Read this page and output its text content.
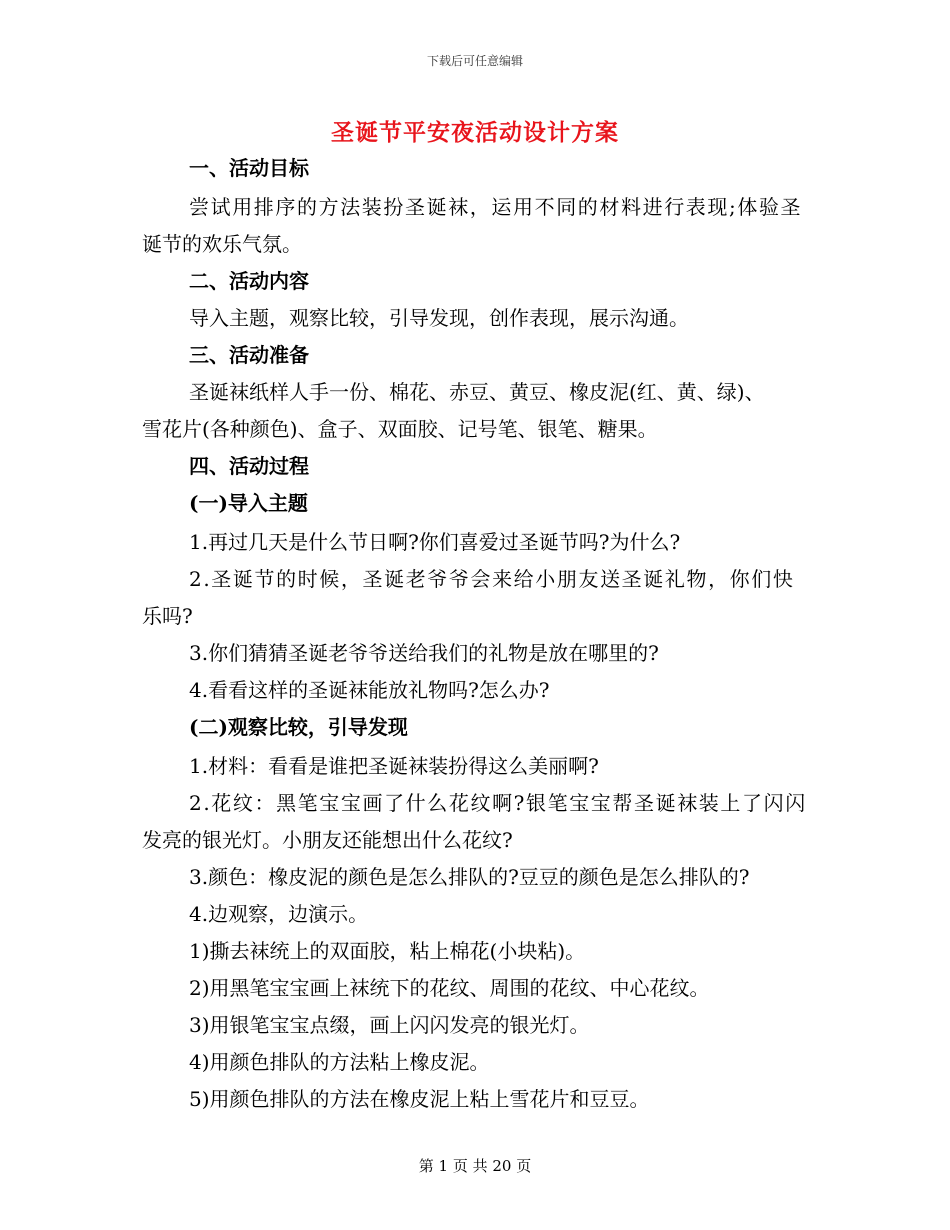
下载后可任意编辑
圣诞节平安夜活动设计方案
一、活动目标
尝试用排序的方法装扮圣诞袜，运用不同的材料进行表现;体验圣
诞节的欢乐气氛。
二、活动内容
导入主题，观察比较，引导发现，创作表现，展示沟通。
三、活动准备
圣诞袜纸样人手一份、棉花、赤豆、黄豆、橡皮泥(红、黄、绿)、
雪花片(各种颜色)、盒子、双面胶、记号笔、银笔、糖果。
四、活动过程
(一)导入主题
1.再过几天是什么节日啊?你们喜爱过圣诞节吗?为什么?
2.圣诞节的时候，圣诞老爷爷会来给小朋友送圣诞礼物，你们快
乐吗?
3.你们猜猜圣诞老爷爷送给我们的礼物是放在哪里的?
4.看看这样的圣诞袜能放礼物吗?怎么办?
(二)观察比较，引导发现
1.材料：看看是谁把圣诞袜装扮得这么美丽啊?
2.花纹：黑笔宝宝画了什么花纹啊?银笔宝宝帮圣诞袜装上了闪闪
发亮的银光灯。小朋友还能想出什么花纹?
3.颜色：橡皮泥的颜色是怎么排队的?豆豆的颜色是怎么排队的?
4.边观察，边演示。
1)撕去袜统上的双面胶，粘上棉花(小块粘)。
2)用黑笔宝宝画上袜统下的花纹、周围的花纹、中心花纹。
3)用银笔宝宝点缀，画上闪闪发亮的银光灯。
4)用颜色排队的方法粘上橡皮泥。
5)用颜色排队的方法在橡皮泥上粘上雪花片和豆豆。
第 1 页 共 20 页
